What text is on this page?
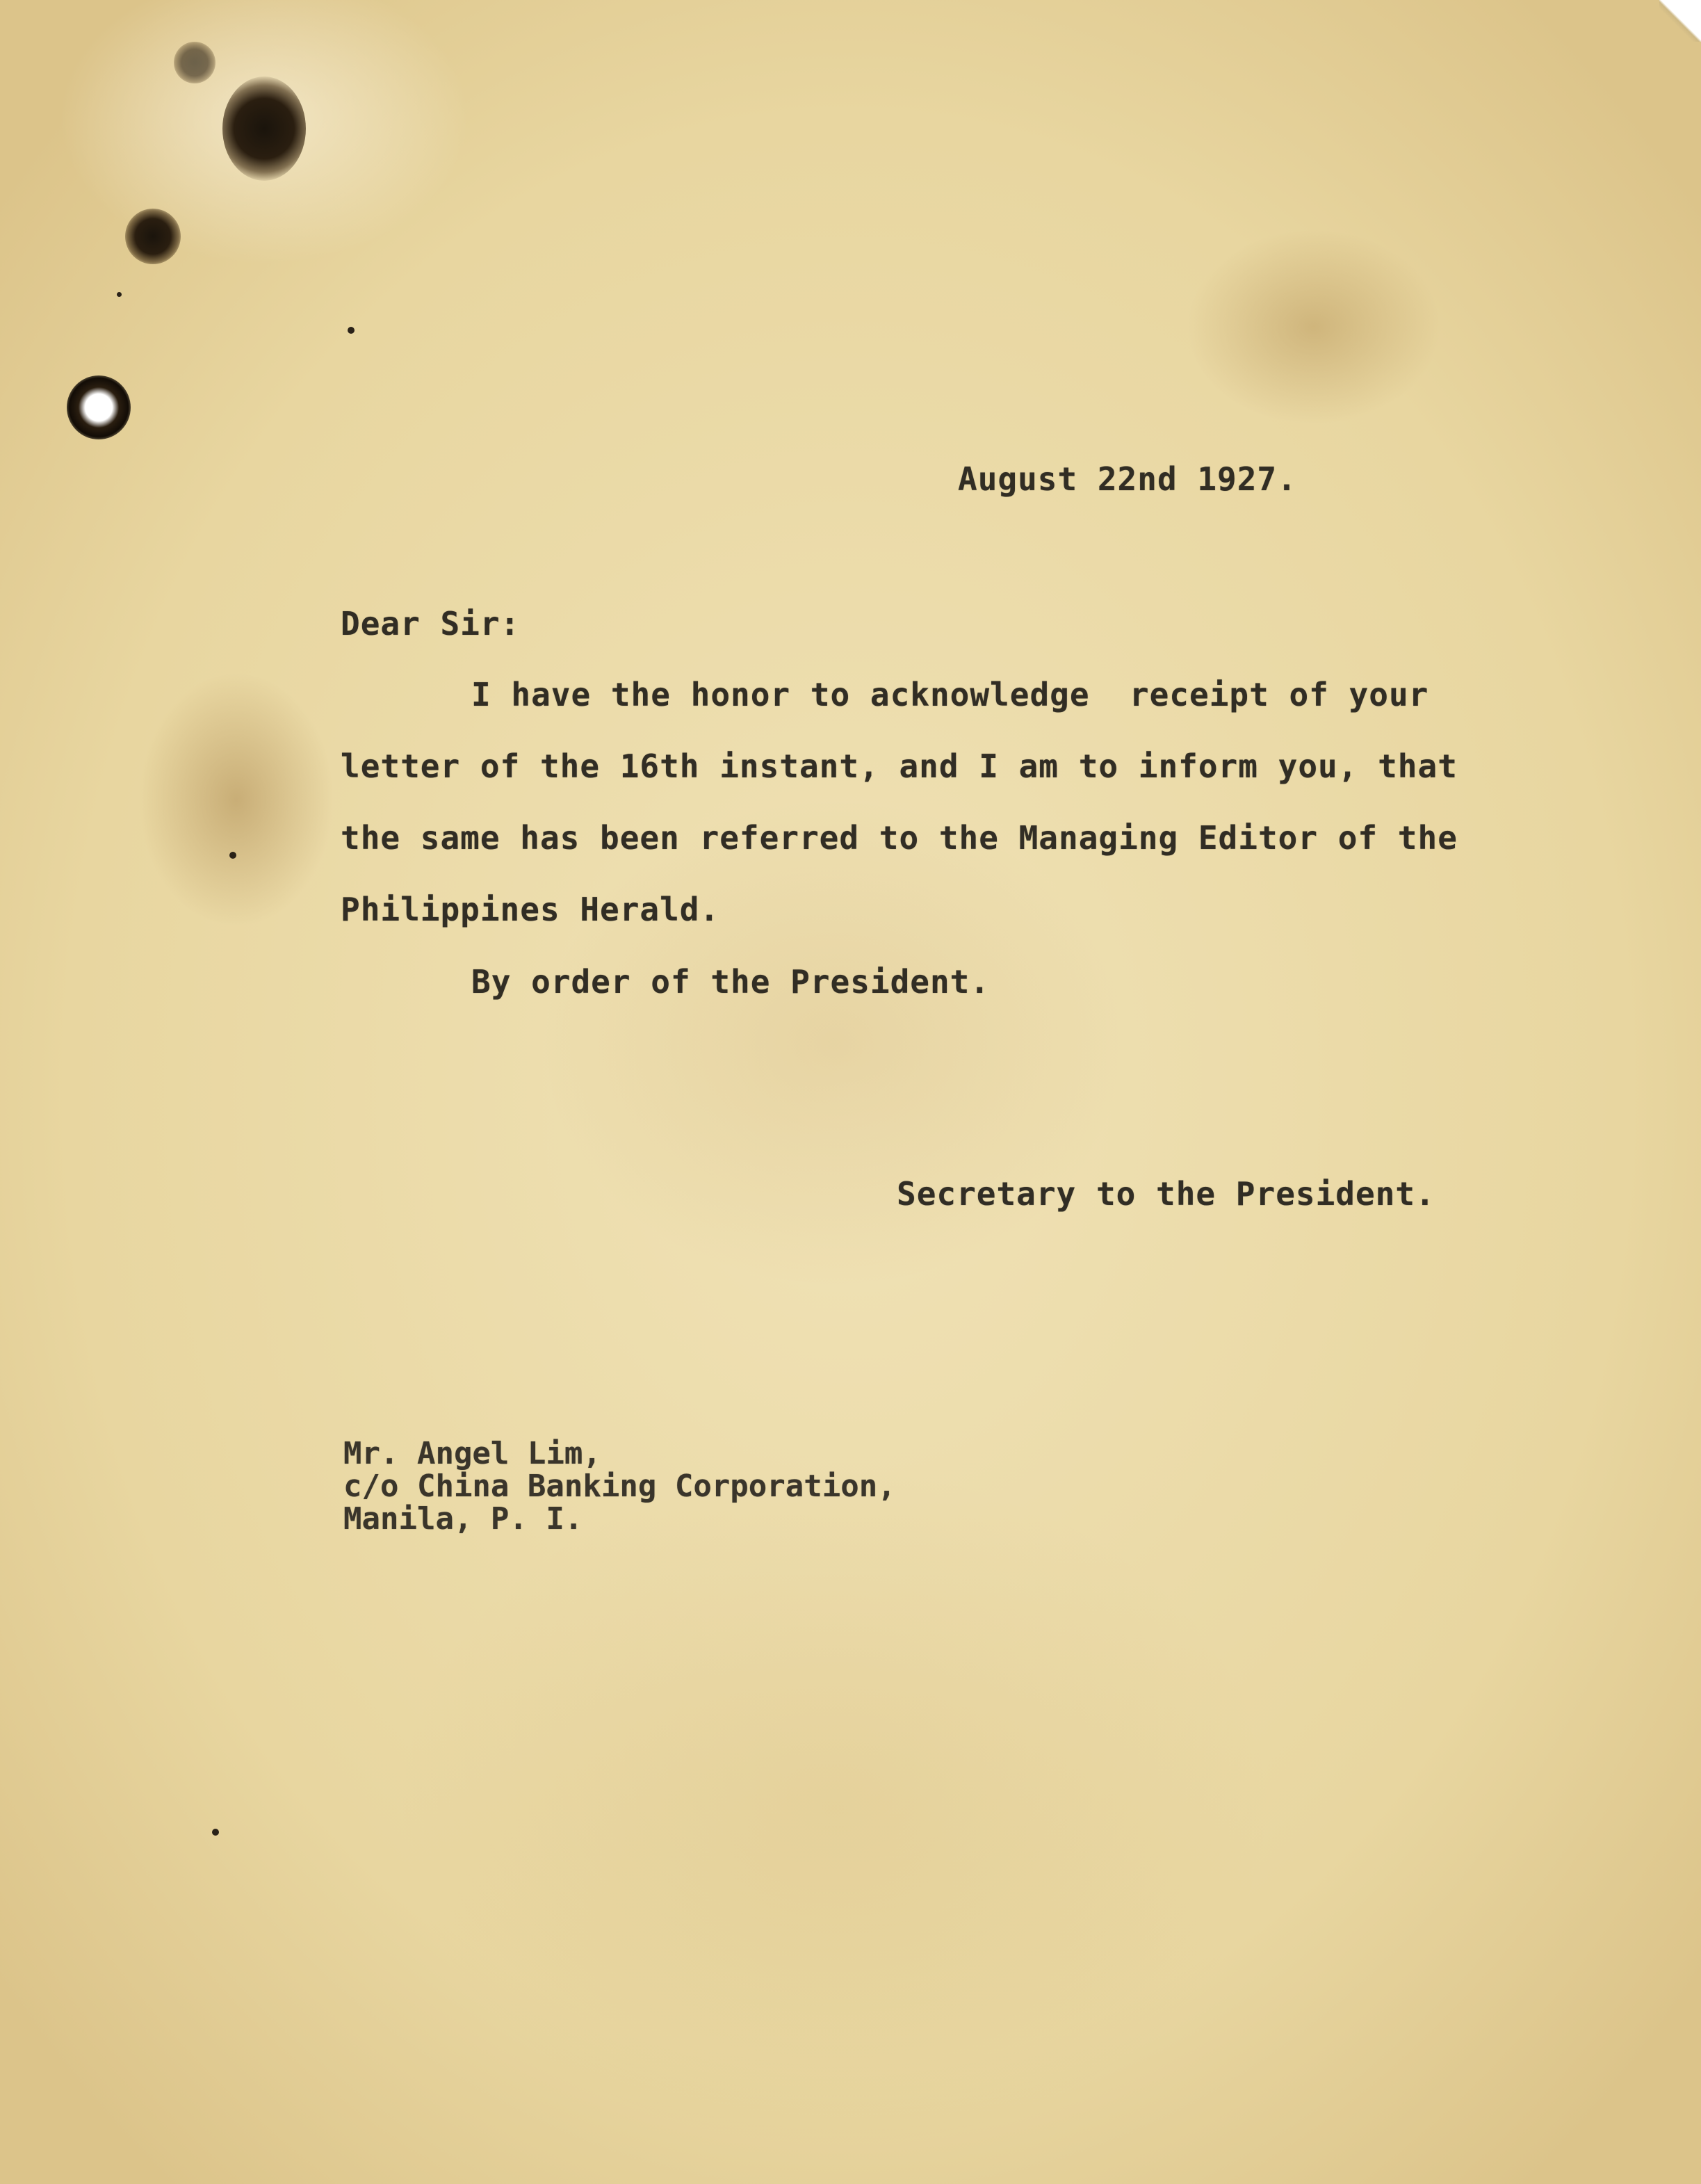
August 22nd 1927.
Dear Sir:
I have the honor to acknowledge  receipt of your
letter of the 16th instant, and I am to inform you, that
the same has been referred to the Managing Editor of the
Philippines Herald.
By order of the President.
Secretary to the President.
Mr. Angel Lim,
c/o China Banking Corporation,
Manila, P. I.
